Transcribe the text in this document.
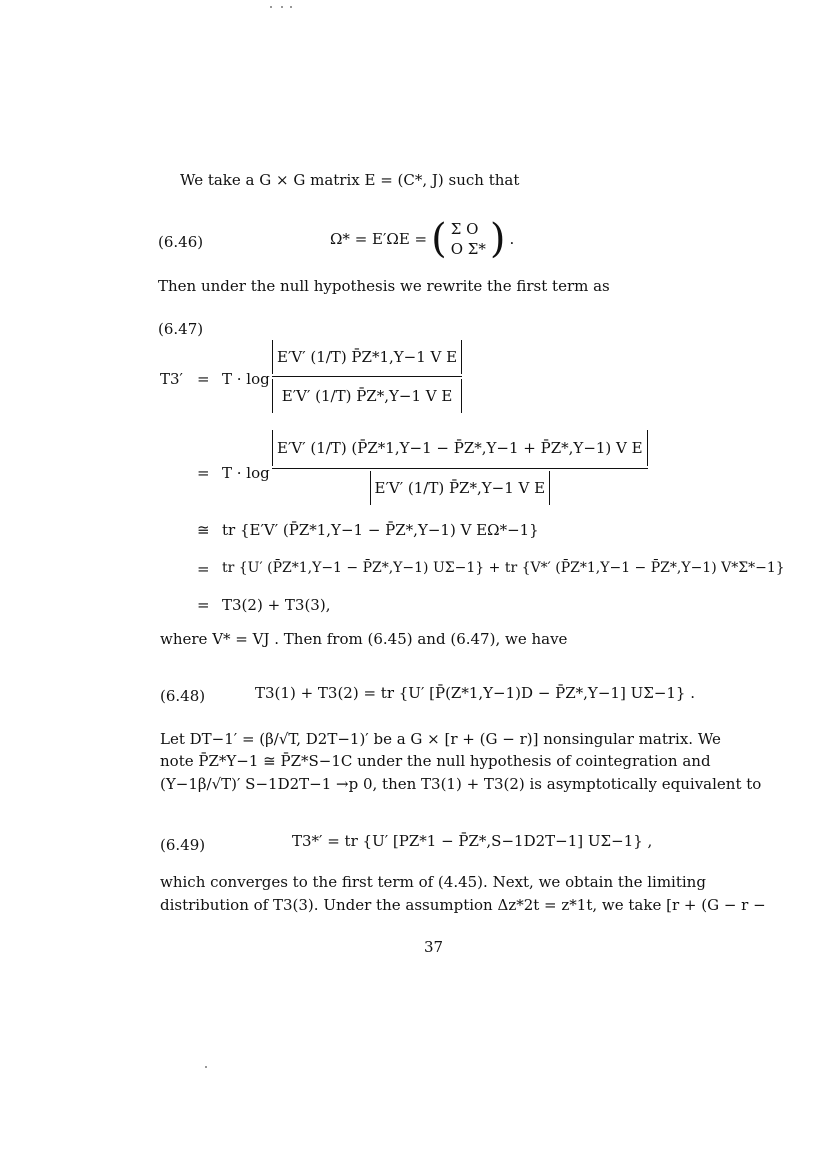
We take a G × G matrix E = (C*, J) such that
(6.46)	Ω* = E′ΩE = ( Σ O
O Σ* ) .
Then under the null hypothesis we rewrite the first term as
(6.47)
T3′ = T · log
E′V′ (1/T) P̄Z*1,Y−1 V E
E′V′ (1/T) P̄Z*,Y−1 V E
= T · log
E′V′ (1/T) (P̄Z*1,Y−1 − P̄Z*,Y−1 + P̄Z*,Y−1) V E
E′V′ (1/T) P̄Z*,Y−1 V E
≅ tr {E′V′ (P̄Z*1,Y−1 − P̄Z*,Y−1) V EΩ*−1}
= tr {U′ (P̄Z*1,Y−1 − P̄Z*,Y−1) UΣ−1} + tr {V*′ (P̄Z*1,Y−1 − P̄Z*,Y−1) V*Σ*−1}
= T3(2) + T3(3),
where V* = VJ . Then from (6.45) and (6.47), we have
(6.48)	T3(1) + T3(2) = tr {U′ [P̄(Z*1,Y−1)D − P̄Z*,Y−1] UΣ−1} .
Let DT−1′ = (β/√T, D2T−1)′ be a G × [r + (G − r)] nonsingular matrix. We
note P̄Z*Y−1 ≅ P̄Z*S−1C under the null hypothesis of cointegration and
(Y−1β/√T)′ S−1D2T−1 →p 0, then T3(1) + T3(2) is asymptotically equivalent to
(6.49)	T3*′ = tr {U′ [PZ*1 − P̄Z*,S−1D2T−1] UΣ−1} ,
which converges to the first term of (4.45). Next, we obtain the limiting
distribution of T3(3). Under the assumption Δz*2t = z*1t, we take [r + (G − r −
37
